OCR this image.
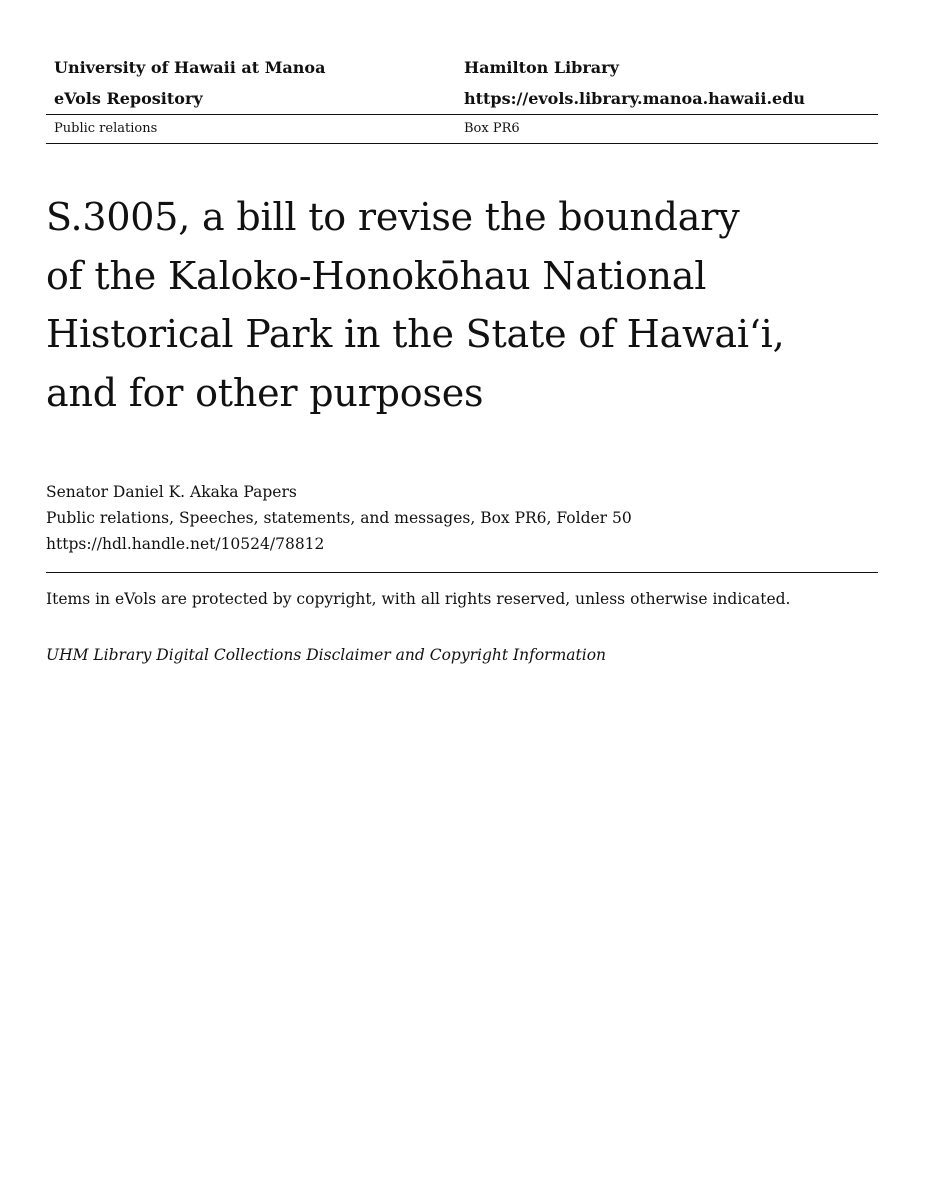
University of Hawaii at Manoa	Hamilton Library
eVols Repository	https://evols.library.manoa.hawaii.edu
Public relations	Box PR6
S.3005, a bill to revise the boundary of the Kaloko-Honokōhau National Historical Park in the State of Hawai‘i, and for other purposes
Senator Daniel K. Akaka Papers
Public relations, Speeches, statements, and messages, Box PR6, Folder 50
https://hdl.handle.net/10524/78812
Items in eVols are protected by copyright, with all rights reserved, unless otherwise indicated.
UHM Library Digital Collections Disclaimer and Copyright Information
